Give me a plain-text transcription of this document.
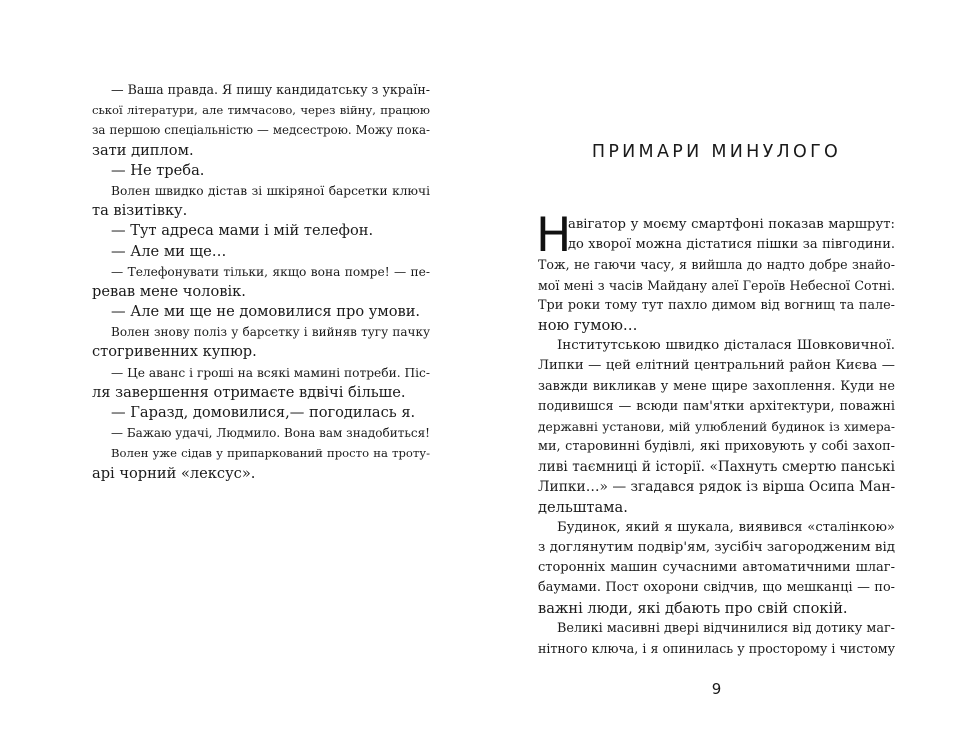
— Ваша правда. Я пишу кандидатську з україн-
ської літератури, але тимчасово, через війну, працюю
за першою спеціальністю — медсестрою. Можу пока-
зати диплом.
— Не треба.
Волен швидко дістав зі шкіряної барсетки ключі
та візитівку.
— Тут адреса мами і мій телефон.
— Але ми ще…
— Телефонувати тільки, якщо вона помре! — пе-
ревав мене чоловік.
— Але ми ще не домовилися про умови.
Волен знову поліз у барсетку і вийняв тугу пачку
стогривенних купюр.
— Це аванс і гроші на всякі мамині потреби. Піс-
ля завершення отримаєте вдвічі більше.
— Гаразд, домовилися,— погодилась я.
— Бажаю удачі, Людмило. Вона вам знадобиться!
Волен уже сідав у припаркований просто на троту-
арі чорний «лексус».
ПРИМАРИ МИНУЛОГО
Н
авігатор у моєму смартфоні показав маршрут:
до хворої можна дістатися пішки за півгодини.
Тож, не гаючи часу, я вийшла до надто добре знайо-
мої мені з часів Майдану алеї Героїв Небесної Сотні.
Три роки тому тут пахло димом від вогнищ та пале-
ною гумою…
Інститутською швидко дісталася Шовковичної.
Липки — цей елітний центральний район Києва —
завжди викликав у мене щире захоплення. Куди не
подивишся — всюди пам'ятки архітектури, поважні
державні установи, мій улюблений будинок із химера-
ми, старовинні будівлі, які приховують у собі захоп-
ливі таємниці й історії. «Пахнуть смертю панські
Липки…» — згадався рядок із вірша Осипа Ман-
дельштама.
Будинок, який я шукала, виявився «сталінкою»
з доглянутим подвір'ям, зусібіч загородженим від
сторонніх машин сучасними автоматичними шлаг-
баумами. Пост охорони свідчив, що мешканці — по-
важні люди, які дбають про свій спокій.
Великі масивні двері відчинилися від дотику маг-
нітного ключа, і я опинилась у просторому і чистому
9
